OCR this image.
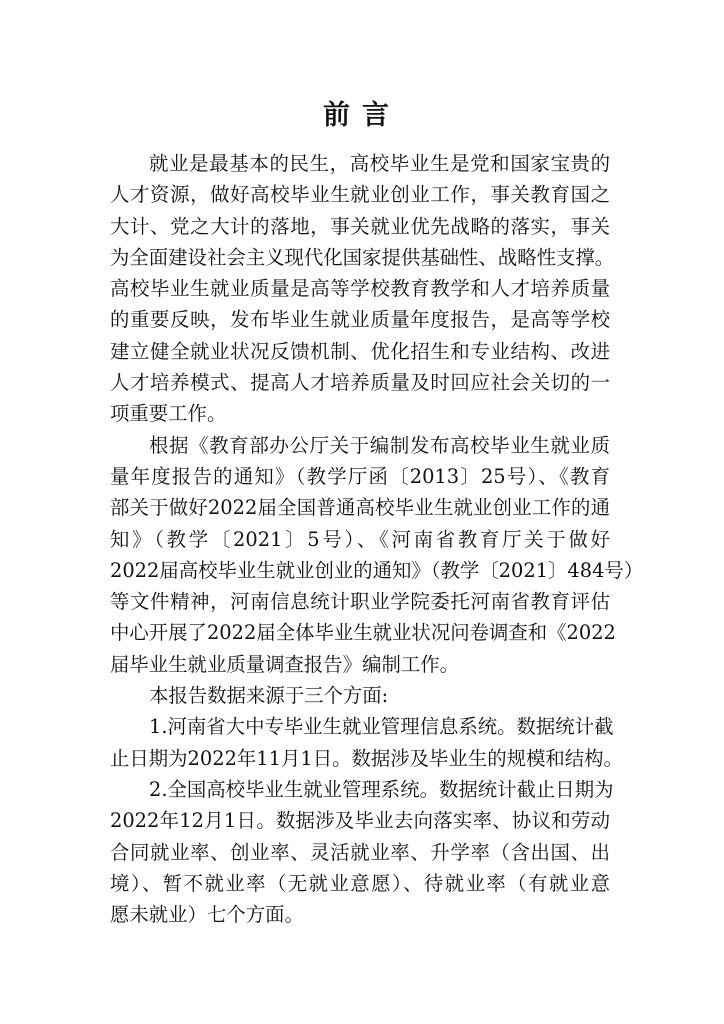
前言
就业是最基本的民生，高校毕业生是党和国家宝贵的
人才资源，做好高校毕业生就业创业工作，事关教育国之
大计、党之大计的落地，事关就业优先战略的落实，事关
为全面建设社会主义现代化国家提供基础性、战略性支撑。
高校毕业生就业质量是高等学校教育教学和人才培养质量
的重要反映，发布毕业生就业质量年度报告，是高等学校
建立健全就业状况反馈机制、优化招生和专业结构、改进
人才培养模式、提高人才培养质量及时回应社会关切的一
项重要工作。
根据《教育部办公厅关于编制发布高校毕业生就业质
量年度报告的通知》（教学厅函〔2013〕25号）、《教育
部关于做好2022届全国普通高校毕业生就业创业工作的通
知》（教学〔2021〕5号）、《河南省教育厅关于做好
2022届高校毕业生就业创业的通知》（教学〔2021〕484号）
等文件精神，河南信息统计职业学院委托河南省教育评估
中心开展了2022届全体毕业生就业状况问卷调查和《2022
届毕业生就业质量调查报告》编制工作。
本报告数据来源于三个方面:
1.河南省大中专毕业生就业管理信息系统。数据统计截
止日期为2022年11月1日。数据涉及毕业生的规模和结构。
2.全国高校毕业生就业管理系统。数据统计截止日期为
2022年12月1日。数据涉及毕业去向落实率、协议和劳动
合同就业率、创业率、灵活就业率、升学率（含出国、出
境）、暂不就业率（无就业意愿）、待就业率（有就业意
愿未就业）七个方面。
